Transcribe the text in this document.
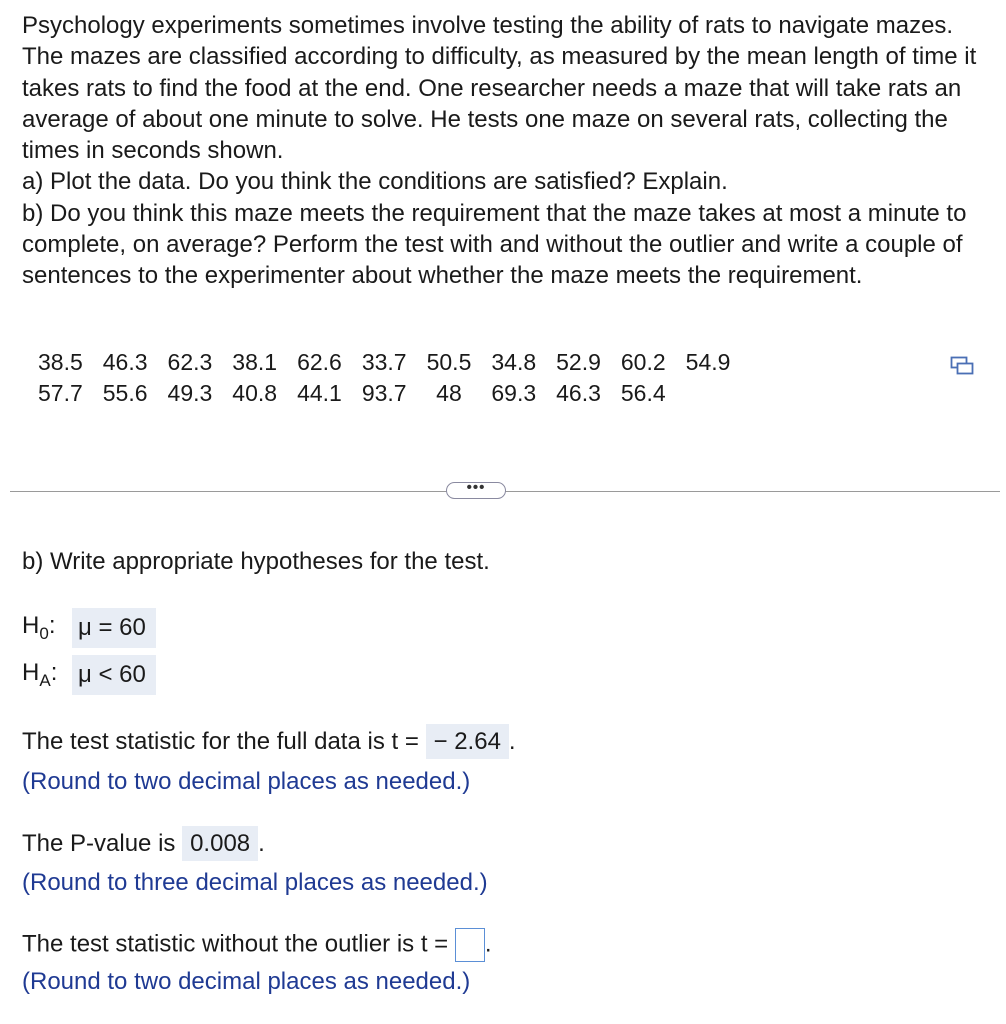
Psychology experiments sometimes involve testing the ability of rats to navigate mazes. The mazes are classified according to difficulty, as measured by the mean length of time it takes rats to find the food at the end. One researcher needs a maze that will take rats an average of about one minute to solve. He tests one maze on several rats, collecting the times in seconds shown.

a) Plot the data. Do you think the conditions are satisfied? Explain.

b) Do you think this maze meets the requirement that the maze takes at most a minute to complete, on average? Perform the test with and without the outlier and write a couple of sentences to the experimenter about whether the maze meets the requirement.

38.5	46.3	62.3	38.1	62.6	33.7	50.5	34.8	52.9	60.2	54.9
57.7	55.6	49.3	40.8	44.1	93.7	48	69.3	46.3	56.4	
•••
b) Write appropriate hypotheses for the test.
$H_0$: μ = 60
$H_A$: μ < 60
The test statistic for the full data is t = − 2.64 .
(Round to two decimal places as needed.)
The P-value is 0.008 .
(Round to three decimal places as needed.)
The test statistic without the outlier is t = .
(Round to two decimal places as needed.)
